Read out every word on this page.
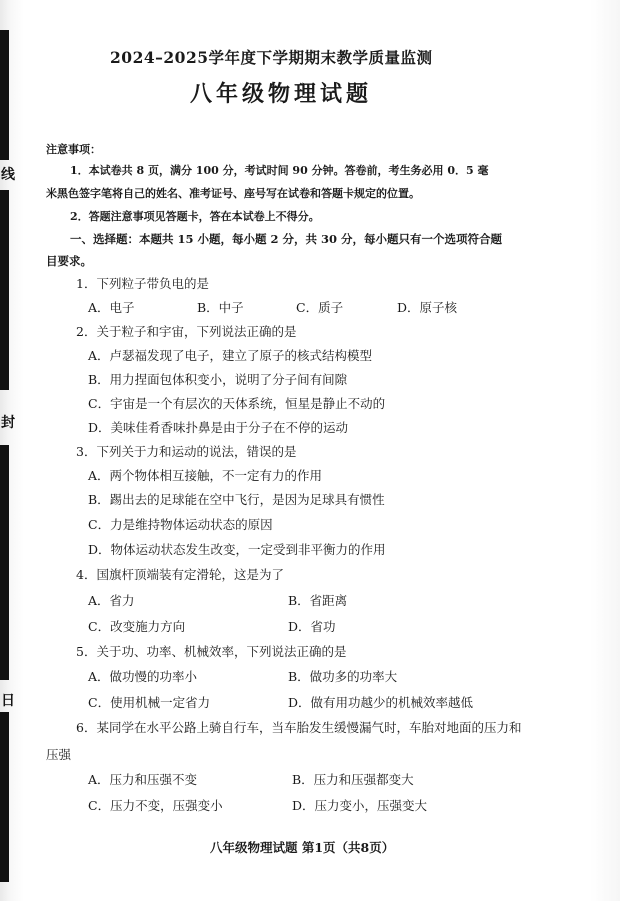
线
封
日

2024–2025学年度下学期期末教学质量监测

八年级物理试题

注意事项：

1．本试卷共 8 页，满分 100 分，考试时间 90 分钟。答卷前，考生务必用 0．5 毫

米黑色签字笔将自己的姓名、准考证号、座号写在试卷和答题卡规定的位置。

2．答题注意事项见答题卡，答在本试卷上不得分。

一、选择题：本题共 15 小题，每小题 2 分，共 30 分，每小题只有一个选项符合题

目要求。

1．下列粒子带负电的是

A．电子	B．中子	C．质子	D．原子核

2．关于粒子和宇宙，下列说法正确的是

A．卢瑟福发现了电子，建立了原子的核式结构模型

B．用力捏面包体积变小，说明了分子间有间隙

C．宇宙是一个有层次的天体系统，恒星是静止不动的

D．美味佳肴香味扑鼻是由于分子在不停的运动

3．下列关于力和运动的说法，错误的是

A．两个物体相互接触，不一定有力的作用

B．踢出去的足球能在空中飞行，是因为足球具有惯性

C．力是维持物体运动状态的原因

D．物体运动状态发生改变，一定受到非平衡力的作用

4．国旗杆顶端装有定滑轮，这是为了

A．省力	B．省距离

C．改变施力方向	D．省功

5．关于功、功率、机械效率，下列说法正确的是

A．做功慢的功率小	B．做功多的功率大

C．使用机械一定省力	D．做有用功越少的机械效率越低

6．某同学在水平公路上骑自行车，当车胎发生缓慢漏气时，车胎对地面的压力和

压强

A．压力和压强不变	B．压力和压强都变大

C．压力不变，压强变小	D．压力变小，压强变大

八年级物理试题 第1页（共8页）
